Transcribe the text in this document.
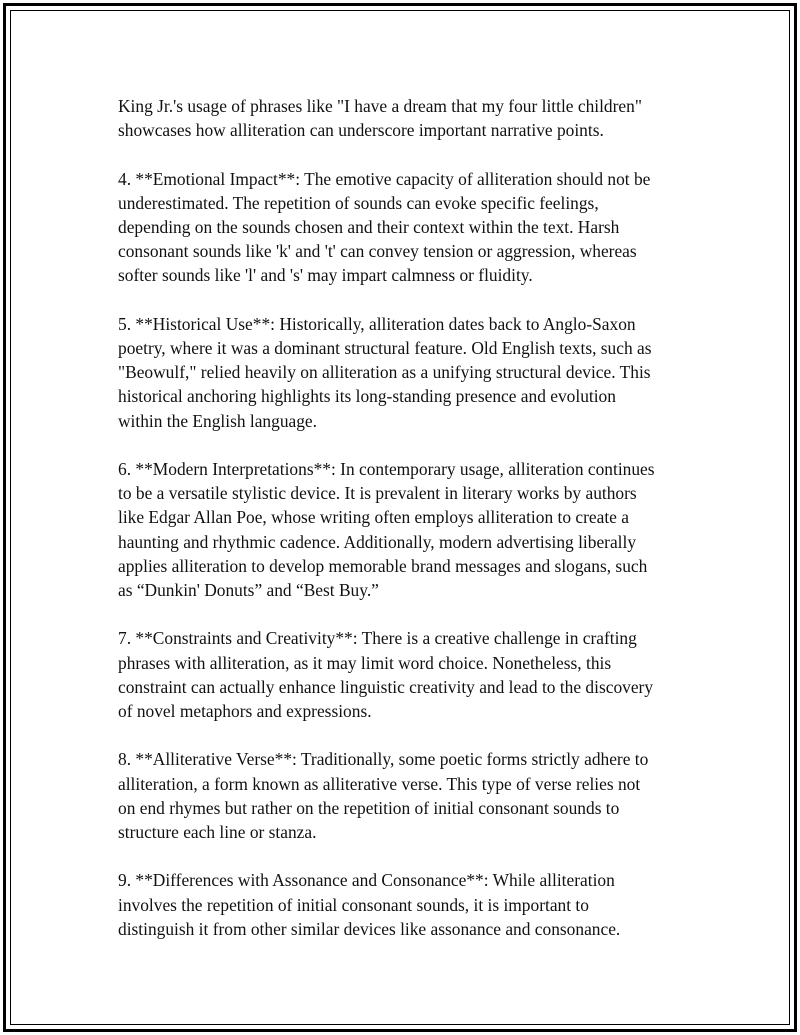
King Jr.'s usage of phrases like "I have a dream that my four little children"
showcases how alliteration can underscore important narrative points.

4. **Emotional Impact**: The emotive capacity of alliteration should not be
underestimated. The repetition of sounds can evoke specific feelings,
depending on the sounds chosen and their context within the text. Harsh
consonant sounds like 'k' and 't' can convey tension or aggression, whereas
softer sounds like 'l' and 's' may impart calmness or fluidity.

5. **Historical Use**: Historically, alliteration dates back to Anglo-Saxon
poetry, where it was a dominant structural feature. Old English texts, such as
"Beowulf," relied heavily on alliteration as a unifying structural device. This
historical anchoring highlights its long-standing presence and evolution
within the English language.

6. **Modern Interpretations**: In contemporary usage, alliteration continues
to be a versatile stylistic device. It is prevalent in literary works by authors
like Edgar Allan Poe, whose writing often employs alliteration to create a
haunting and rhythmic cadence. Additionally, modern advertising liberally
applies alliteration to develop memorable brand messages and slogans, such
as “Dunkin' Donuts” and “Best Buy.”

7. **Constraints and Creativity**: There is a creative challenge in crafting
phrases with alliteration, as it may limit word choice. Nonetheless, this
constraint can actually enhance linguistic creativity and lead to the discovery
of novel metaphors and expressions.

8. **Alliterative Verse**: Traditionally, some poetic forms strictly adhere to
alliteration, a form known as alliterative verse. This type of verse relies not
on end rhymes but rather on the repetition of initial consonant sounds to
structure each line or stanza.

9. **Differences with Assonance and Consonance**: While alliteration
involves the repetition of initial consonant sounds, it is important to
distinguish it from other similar devices like assonance and consonance.
